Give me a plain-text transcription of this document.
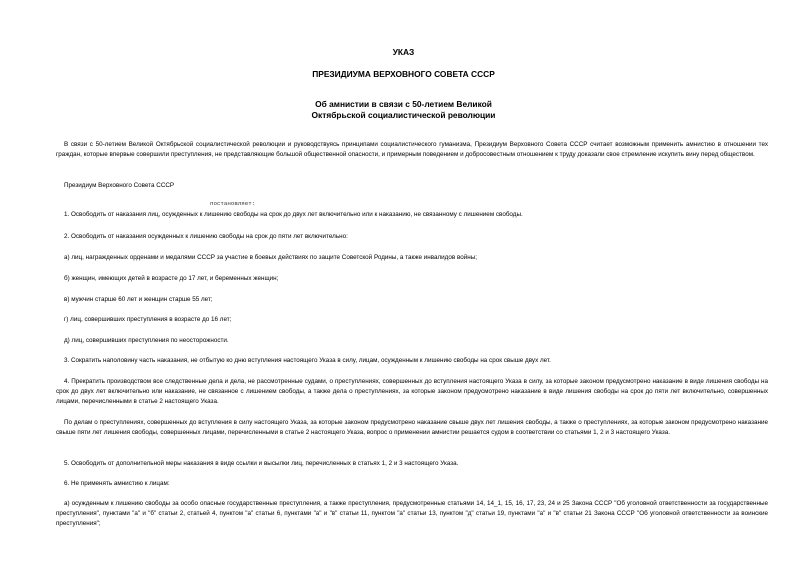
УКАЗ

ПРЕЗИДИУМА ВЕРХОВНОГО СОВЕТА СССР

Об амнистии в связи с 50-летием Великой

Октябрьской социалистической революции

В связи с 50-летием Великой Октябрьской социалистической революции и руководствуясь принципами социалистического гуманизма, Президиум Верховного Совета СССР считает возможным применить амнистию в отношении тех граждан, которые впервые совершили преступления, не представляющие большой общественной опасности, и примерным поведением и добросовестным отношением к труду доказали свое стремление искупить вину перед обществом.

Президиум Верховного Совета СССР

постановляет:

1. Освободить от наказания лиц, осужденных к лишению свободы на срок до двух лет включительно или к наказанию, не связанному с лишением свободы.

2. Освободить от наказания осужденных к лишению свободы на срок до пяти лет включительно:

а) лиц, награжденных орденами и медалями СССР за участие в боевых действиях по защите Советской Родины, а также инвалидов войны;

б) женщин, имеющих детей в возрасте до 17 лет, и беременных женщин;

в) мужчин старше 60 лет и женщин старше 55 лет;

г) лиц, совершивших преступления в возрасте до 16 лет;

д) лиц, совершивших преступления по неосторожности.

3. Сократить наполовину часть наказания, не отбытую ко дню вступления настоящего Указа в силу, лицам, осужденным к лишению свободы на срок свыше двух лет.

4. Прекратить производством все следственные дела и дела, не рассмотренные судами, о преступлениях, совершенных до вступления настоящего Указа в силу, за которые законом предусмотрено наказание в виде лишения свободы на срок до двух лет включительно или наказание, не связанное с лишением свободы, а также дела о преступлениях, за которые законом предусмотрено наказание в виде лишения свободы на срок до пяти лет включительно, совершенных лицами, перечисленными в статье 2 настоящего Указа.

По делам о преступлениях, совершенных до вступления в силу настоящего Указа, за которые законом предусмотрено наказание свыше двух лет лишения свободы, а также о преступлениях, за которые законом предусмотрено наказание свыше пяти лет лишения свободы, совершенных лицами, перечисленными в статье 2 настоящего Указа, вопрос о применении амнистии решается судом в соответствии со статьями 1, 2 и 3 настоящего Указа.

5. Освободить от дополнительной меры наказания в виде ссылки и высылки лиц, перечисленных в статьях 1, 2 и 3 настоящего Указа.

6. Не применять амнистию к лицам:

а) осужденным к лишению свободы за особо опасные государственные преступления, а также преступления, предусмотренные статьями 14, 14_1, 15, 16, 17, 23, 24 и 25 Закона СССР "Об уголовной ответственности за государственные преступления", пунктами "а" и "б" статьи 2, статьей 4, пунктом "а" статьи 6, пунктами "а" и "в" статьи 11, пунктом "а" статьи 13, пунктом "д" статьи 19, пунктами "а" и "в" статьи 21 Закона СССР "Об уголовной ответственности за воинские преступления";
